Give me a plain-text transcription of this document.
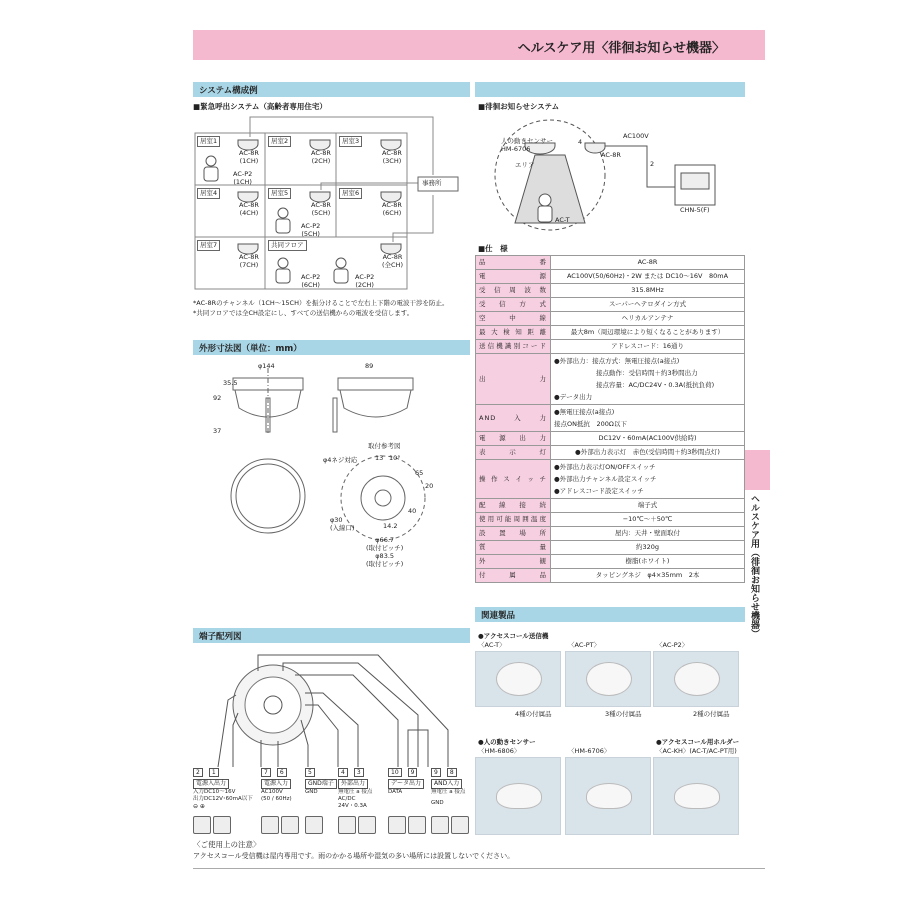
ヘルスケア用〈徘徊お知らせ機器〉
ヘルスケア用（徘徊お知らせ機器）
システム構成例
■緊急呼出システム（高齢者専用住宅）
居室1	居室2	居室3
居室4	居室5	居室6
居室7	共同フロア
AC-8R
(1CH)
AC-8R
(2CH)
AC-8R
(3CH)
AC-8R
(4CH)
AC-8R
(5CH)
AC-8R
(6CH)
AC-8R
(7CH)
AC-8R
(全CH)
AC-P2
(1CH)
AC-P2
(5CH)
AC-P2
(6CH)
AC-P2
(2CH)
事務所
*AC-8Rのチャンネル（1CH〜15CH）を振分けることで左右上下階の電波干渉を防止。
*共同フロアでは全CH設定にし、すべての送信機からの電波を受信します。
■徘徊お知らせシステム
人の動きセンサー
HM-6706
エリア
AC100V
AC-8R
AC-T
4
2
CHN-5(F)
■仕　様
品番	AC-8R

電源	AC100V(50/60Hz)・2W または DC10〜16V　80mA

受信周波数	315.8MHz

受信方式	スーパーヘテロダイン方式

空中線	ヘリカルアンテナ

最大検知距離	最大8m（周辺環境により短くなることがあります）

送信機識別コード	アドレスコード：16通り

出力	●外部出力：接点方式：無電圧接点(a接点)
接点動作：受信時間＋約3秒間出力
接点容量：AC/DC24V・0.3A(抵抗負荷)
●データ出力

AND入力	●無電圧接点(a接点)
接点ON抵抗　200Ω以下

電源出力	DC12V・60mA(AC100V供給時)

表示灯	●外部出力表示灯　赤色(受信時間＋約3秒間点灯)

操作スイッチ	●外部出力表示灯ON/OFFスイッチ
●外部出力チャンネル設定スイッチ
●アドレスコード設定スイッチ

配線接続	端子式

使用可能周囲温度	−10℃〜＋50℃

設置場所	屋内：天井・壁面取付

質量	約320g

外観	樹脂(ホワイト)

付属品	タッピングネジ　φ4×35mm　2本
外形寸法図（単位：mm）
φ144	89
35.5
92
37
取付参考図
φ4ネジ対応	13 10°
65
20
40
φ30
(入線口)	14.2
φ66.7
(取付ピッチ)
φ83.5
(取付ピッチ)
端子配列図
2	1
電源入出力
入力DC10〜16V
出力DC12V･60mA以下
⊖ ⊕
7	6
電源入力
AC100V
(50 / 60Hz)
5
GND端子
GND
4	3
外部出力
無電圧 a 接点
AC/DC
24V・0.3A
10	9
データ出力
DATA
9	8
AND入力
無電圧 a 接点
GND
〈ご使用上の注意〉
アクセスコール受信機は屋内専用です。雨のかかる場所や湿気の多い場所には設置しないでください。
関連製品
●アクセスコール送信機
〈AC-T〉
4種の付属品
〈AC-PT〉
3種の付属品
〈AC-P2〉
2種の付属品
●人の動きセンサー
〈HM-6806〉	〈HM-6706〉
●アクセスコール用ホルダー
〈AC-KH〉(AC-T/AC-PT用)
